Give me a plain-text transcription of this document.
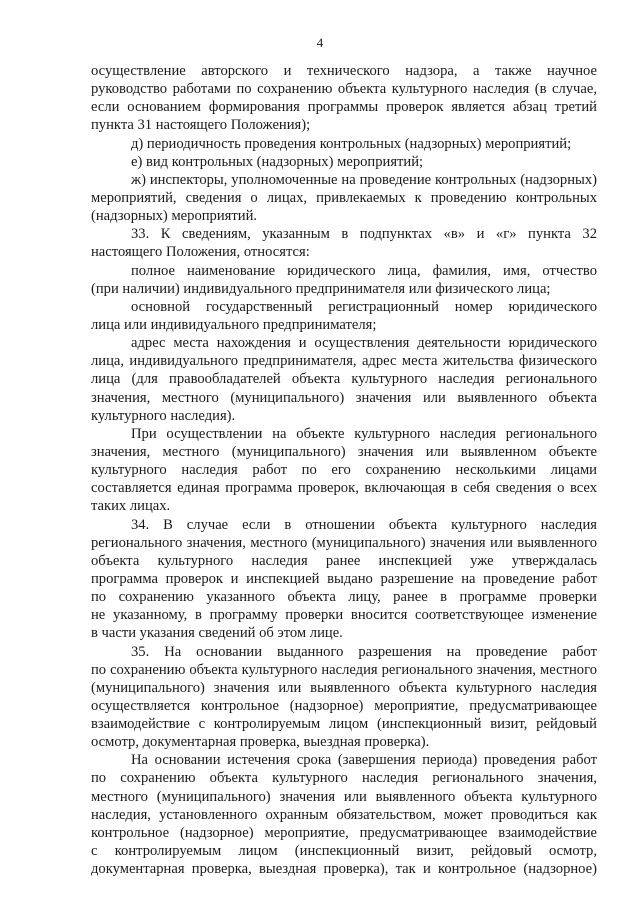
4
осуществление авторского и технического надзора, а также научное
руководство работами по сохранению объекта культурного наследия (в случае,
если основанием формирования программы проверок является абзац третий
пункта 31 настоящего Положения);
д) периодичность проведения контрольных (надзорных) мероприятий;
е) вид контрольных (надзорных) мероприятий;
ж) инспекторы, уполномоченные на проведение контрольных (надзорных)
мероприятий, сведения о лицах, привлекаемых к проведению контрольных
(надзорных) мероприятий.
33. К сведениям, указанным в подпунктах «в» и «г» пункта 32
настоящего Положения, относятся:
полное наименование юридического лица, фамилия, имя, отчество
(при наличии) индивидуального предпринимателя или физического лица;
основной государственный регистрационный номер юридического
лица или индивидуального предпринимателя;
адрес места нахождения и осуществления деятельности юридического
лица, индивидуального предпринимателя, адрес места жительства физического
лица (для правообладателей объекта культурного наследия регионального
значения, местного (муниципального) значения или выявленного объекта
культурного наследия).
При осуществлении на объекте культурного наследия регионального
значения, местного (муниципального) значения или выявленном объекте
культурного наследия работ по его сохранению несколькими лицами
составляется единая программа проверок, включающая в себя сведения о всех
таких лицах.
34. В случае если в отношении объекта культурного наследия
регионального значения, местного (муниципального) значения или выявленного
объекта культурного наследия ранее инспекцией уже утверждалась
программа проверок и инспекцией выдано разрешение на проведение работ
по сохранению указанного объекта лицу, ранее в программе проверки
не указанному, в программу проверки вносится соответствующее изменение
в части указания сведений об этом лице.
35. На основании выданного разрешения на проведение работ
по сохранению объекта культурного наследия регионального значения, местного
(муниципального) значения или выявленного объекта культурного наследия
осуществляется контрольное (надзорное) мероприятие, предусматривающее
взаимодействие с контролируемым лицом (инспекционный визит, рейдовый
осмотр, документарная проверка, выездная проверка).
На основании истечения срока (завершения периода) проведения работ
по сохранению объекта культурного наследия регионального значения,
местного (муниципального) значения или выявленного объекта культурного
наследия, установленного охранным обязательством, может проводиться как
контрольное (надзорное) мероприятие, предусматривающее взаимодействие
с контролируемым лицом (инспекционный визит, рейдовый осмотр,
документарная проверка, выездная проверка), так и контрольное (надзорное)
